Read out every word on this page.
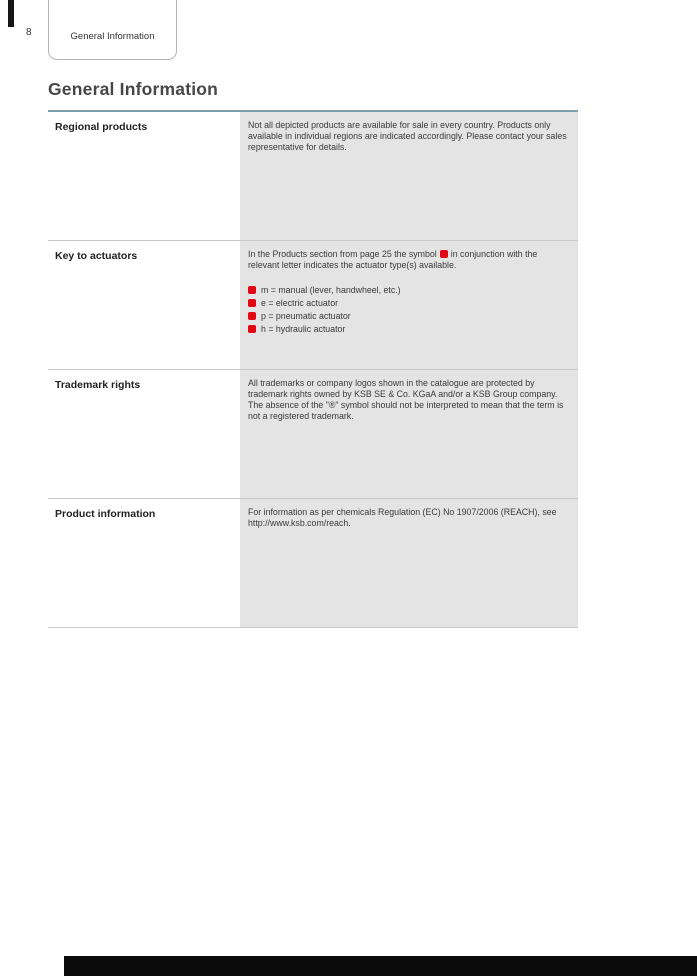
General Information
8
General Information
Regional products	Not all depicted products are available for sale in every country. Products only available in individual regions are indicated accordingly. Please contact your sales representative for details.

Key to actuators	In the Products section from page 25 the symbol in conjunction with the relevant letter indicates the actuator type(s) available.

m = manual (lever, handwheel, etc.)
e = electric actuator
p = pneumatic actuator
h = hydraulic actuator
Trademark rights	All trademarks or company logos shown in the catalogue are protected by trademark rights owned by KSB SE & Co. KGaA and/or a KSB Group company. The absence of the "®" symbol should not be interpreted to mean that the term is not a registered trademark.

Product information	For information as per chemicals Regulation (EC) No 1907/2006 (REACH), see http://www.ksb.com/reach.
